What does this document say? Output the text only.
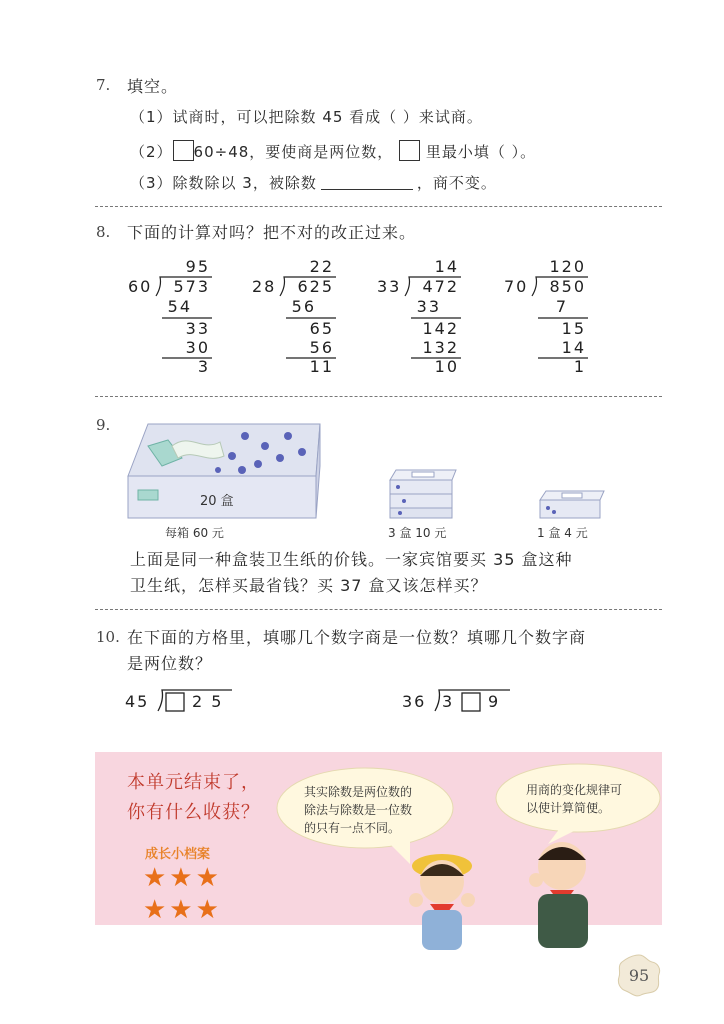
7. 填空。
（1）试商时，可以把除数 45 看成（ ）来试商。
（2） 60÷48，要使商是两位数， 里最小填（ ）。
（3）除数除以 3，被除数	，商不变。
8. 下面的计算对吗？把不对的改正过来。
95
60 573
54
33
30
3
22
28 625
56
65
56
11
14
33 472
33
142
132
10
120
70 850
7
15
14
1
9.
20 盒
每箱 60 元	3 盒 10 元	1 盒 4 元
上面是同一种盒装卫生纸的价钱。一家宾馆要买 35 盒这种
卫生纸，怎样买最省钱？买 37 盒又该怎样买？
10. 在下面的方格里，填哪几个数字商是一位数？填哪几个数字商
是两位数？
45	2 5	36 3 9
本单元结束了，
你有什么收获？
成长小档案
★★★
★★★
其实除数是两位数的
除法与除数是一位数
的只有一点不同。
用商的变化规律可
以使计算简便。
95
